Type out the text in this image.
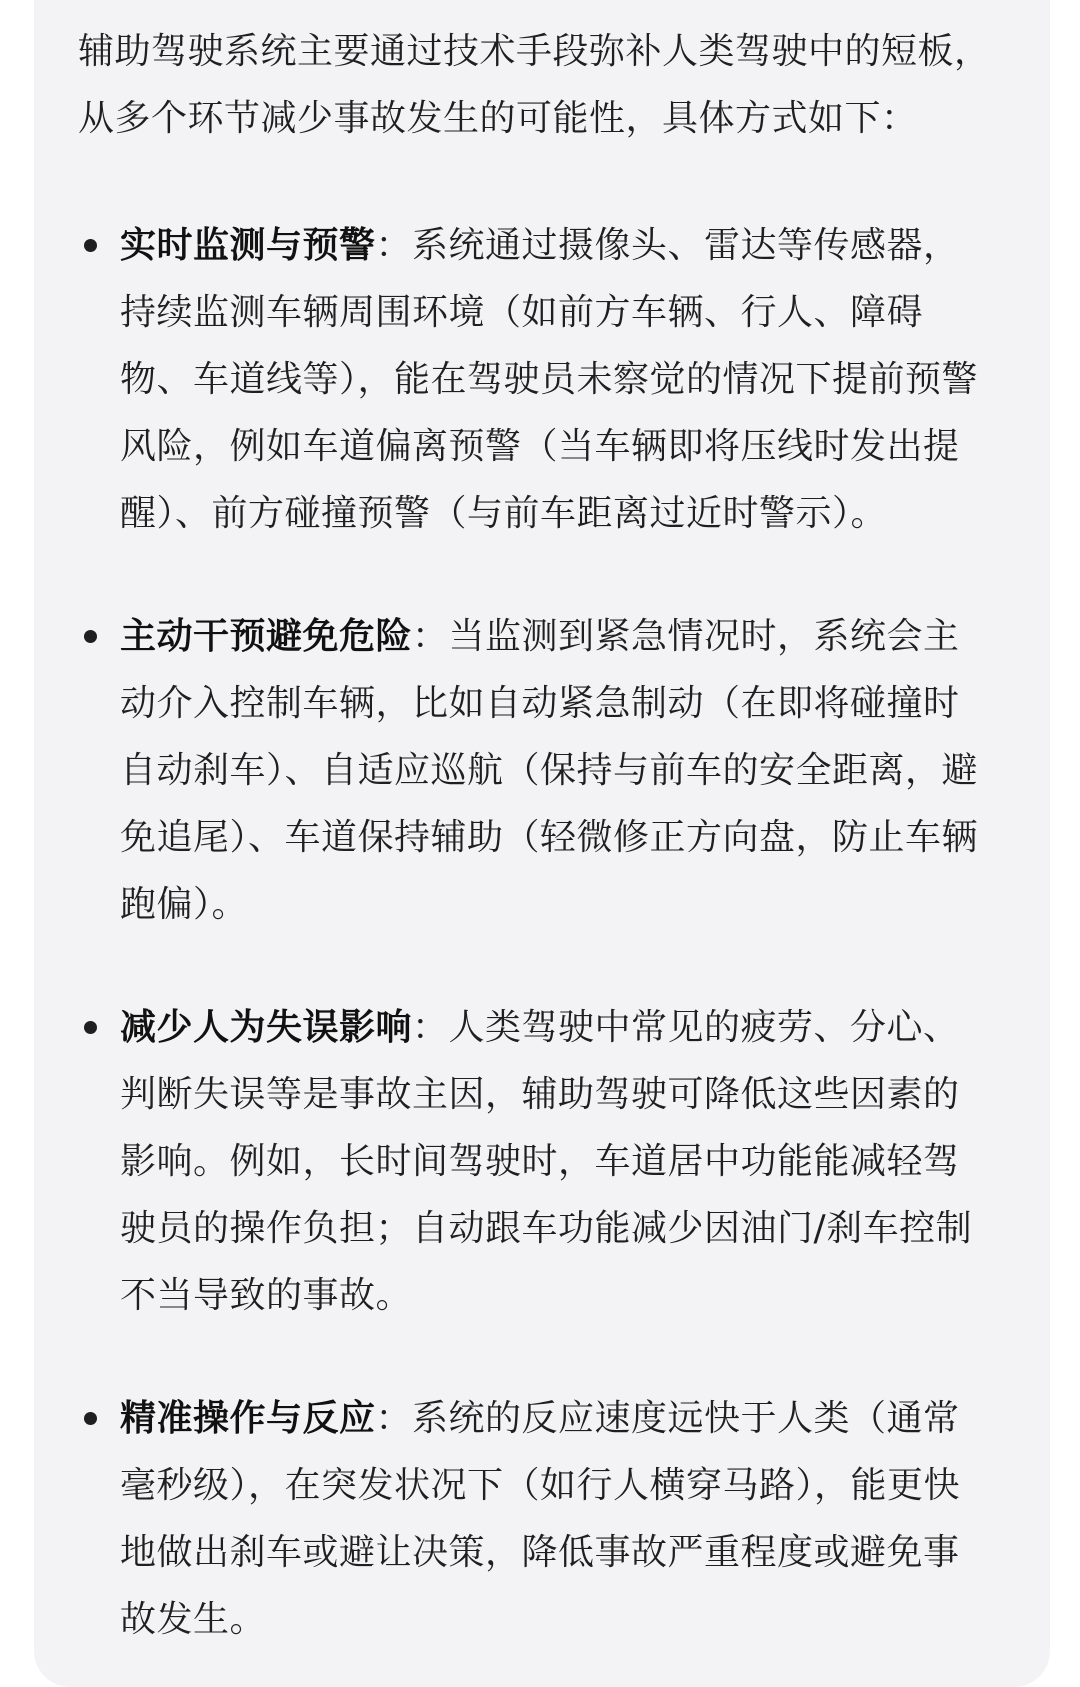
辅助驾驶系统主要通过技术手段弥补人类驾驶中的短板，从多个环节减少事故发生的可能性，具体方式如下：

实时监测与预警：系统通过摄像头、雷达等传感器，持续监测车辆周围环境（如前方车辆、行人、障碍物、车道线等），能在驾驶员未察觉的情况下提前预警风险，例如车道偏离预警（当车辆即将压线时发出提醒）、前方碰撞预警（与前车距离过近时警示）。
主动干预避免危险：当监测到紧急情况时，系统会主动介入控制车辆，比如自动紧急制动（在即将碰撞时自动刹车）、自适应巡航（保持与前车的安全距离，避免追尾）、车道保持辅助（轻微修正方向盘，防止车辆跑偏）。
减少人为失误影响：人类驾驶中常见的疲劳、分心、判断失误等是事故主因，辅助驾驶可降低这些因素的影响。例如，长时间驾驶时，车道居中功能能减轻驾驶员的操作负担；自动跟车功能减少因油门/刹车控制不当导致的事故。
精准操作与反应：系统的反应速度远快于人类（通常毫秒级），在突发状况下（如行人横穿马路），能更快地做出刹车或避让决策，降低事故严重程度或避免事故发生。
